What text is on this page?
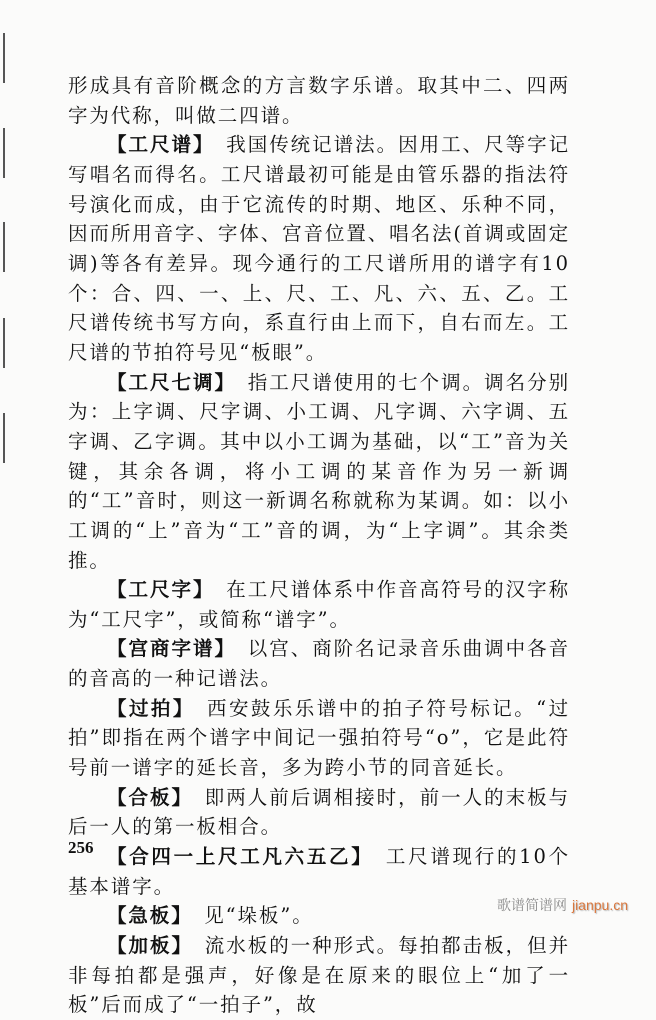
形成具有音阶概念的方言数字乐谱。取其中二、四两字为代称，叫做二四谱。

【工尺谱】　我国传统记谱法。因用工、尺等字记写唱名而得名。工尺谱最初可能是由管乐器的指法符号演化而成，由于它流传的时期、地区、乐种不同，因而所用音字、字体、宫音位置、唱名法(首调或固定调)等各有差异。现今通行的工尺谱所用的谱字有10个：合、四、一、上、尺、工、凡、六、五、乙。工尺谱传统书写方向，系直行由上而下，自右而左。工尺谱的节拍符号见“板眼”。

【工尺七调】　指工尺谱使用的七个调。调名分别为：上字调、尺字调、小工调、凡字调、六字调、五字调、乙字调。其中以小工调为基础，以“工”音为关键，其余各调，将小工调的某音作为另一新调的“工”音时，则这一新调名称就称为某调。如：以小工调的“上”音为“工”音的调，为“上字调”。其余类推。

【工尺字】　在工尺谱体系中作音高符号的汉字称为“工尺字”，或简称“谱字”。

【宫商字谱】　以宫、商阶名记录音乐曲调中各音的音高的一种记谱法。

【过拍】　西安鼓乐乐谱中的拍子符号标记。“过拍”即指在两个谱字中间记一强拍符号“o”，它是此符号前一谱字的延长音，多为跨小节的同音延长。

【合板】　即两人前后调相接时，前一人的末板与后一人的第一板相合。

【合四一上尺工凡六五乙】　工尺谱现行的10个基本谱字。

【急板】　见“垛板”。

【加板】　流水板的一种形式。每拍都击板，但并非每拍都是强声，好像是在原来的眼位上“加了一板”后而成了“一拍子”，故

256
歌谱简谱网 jianpu.cn
